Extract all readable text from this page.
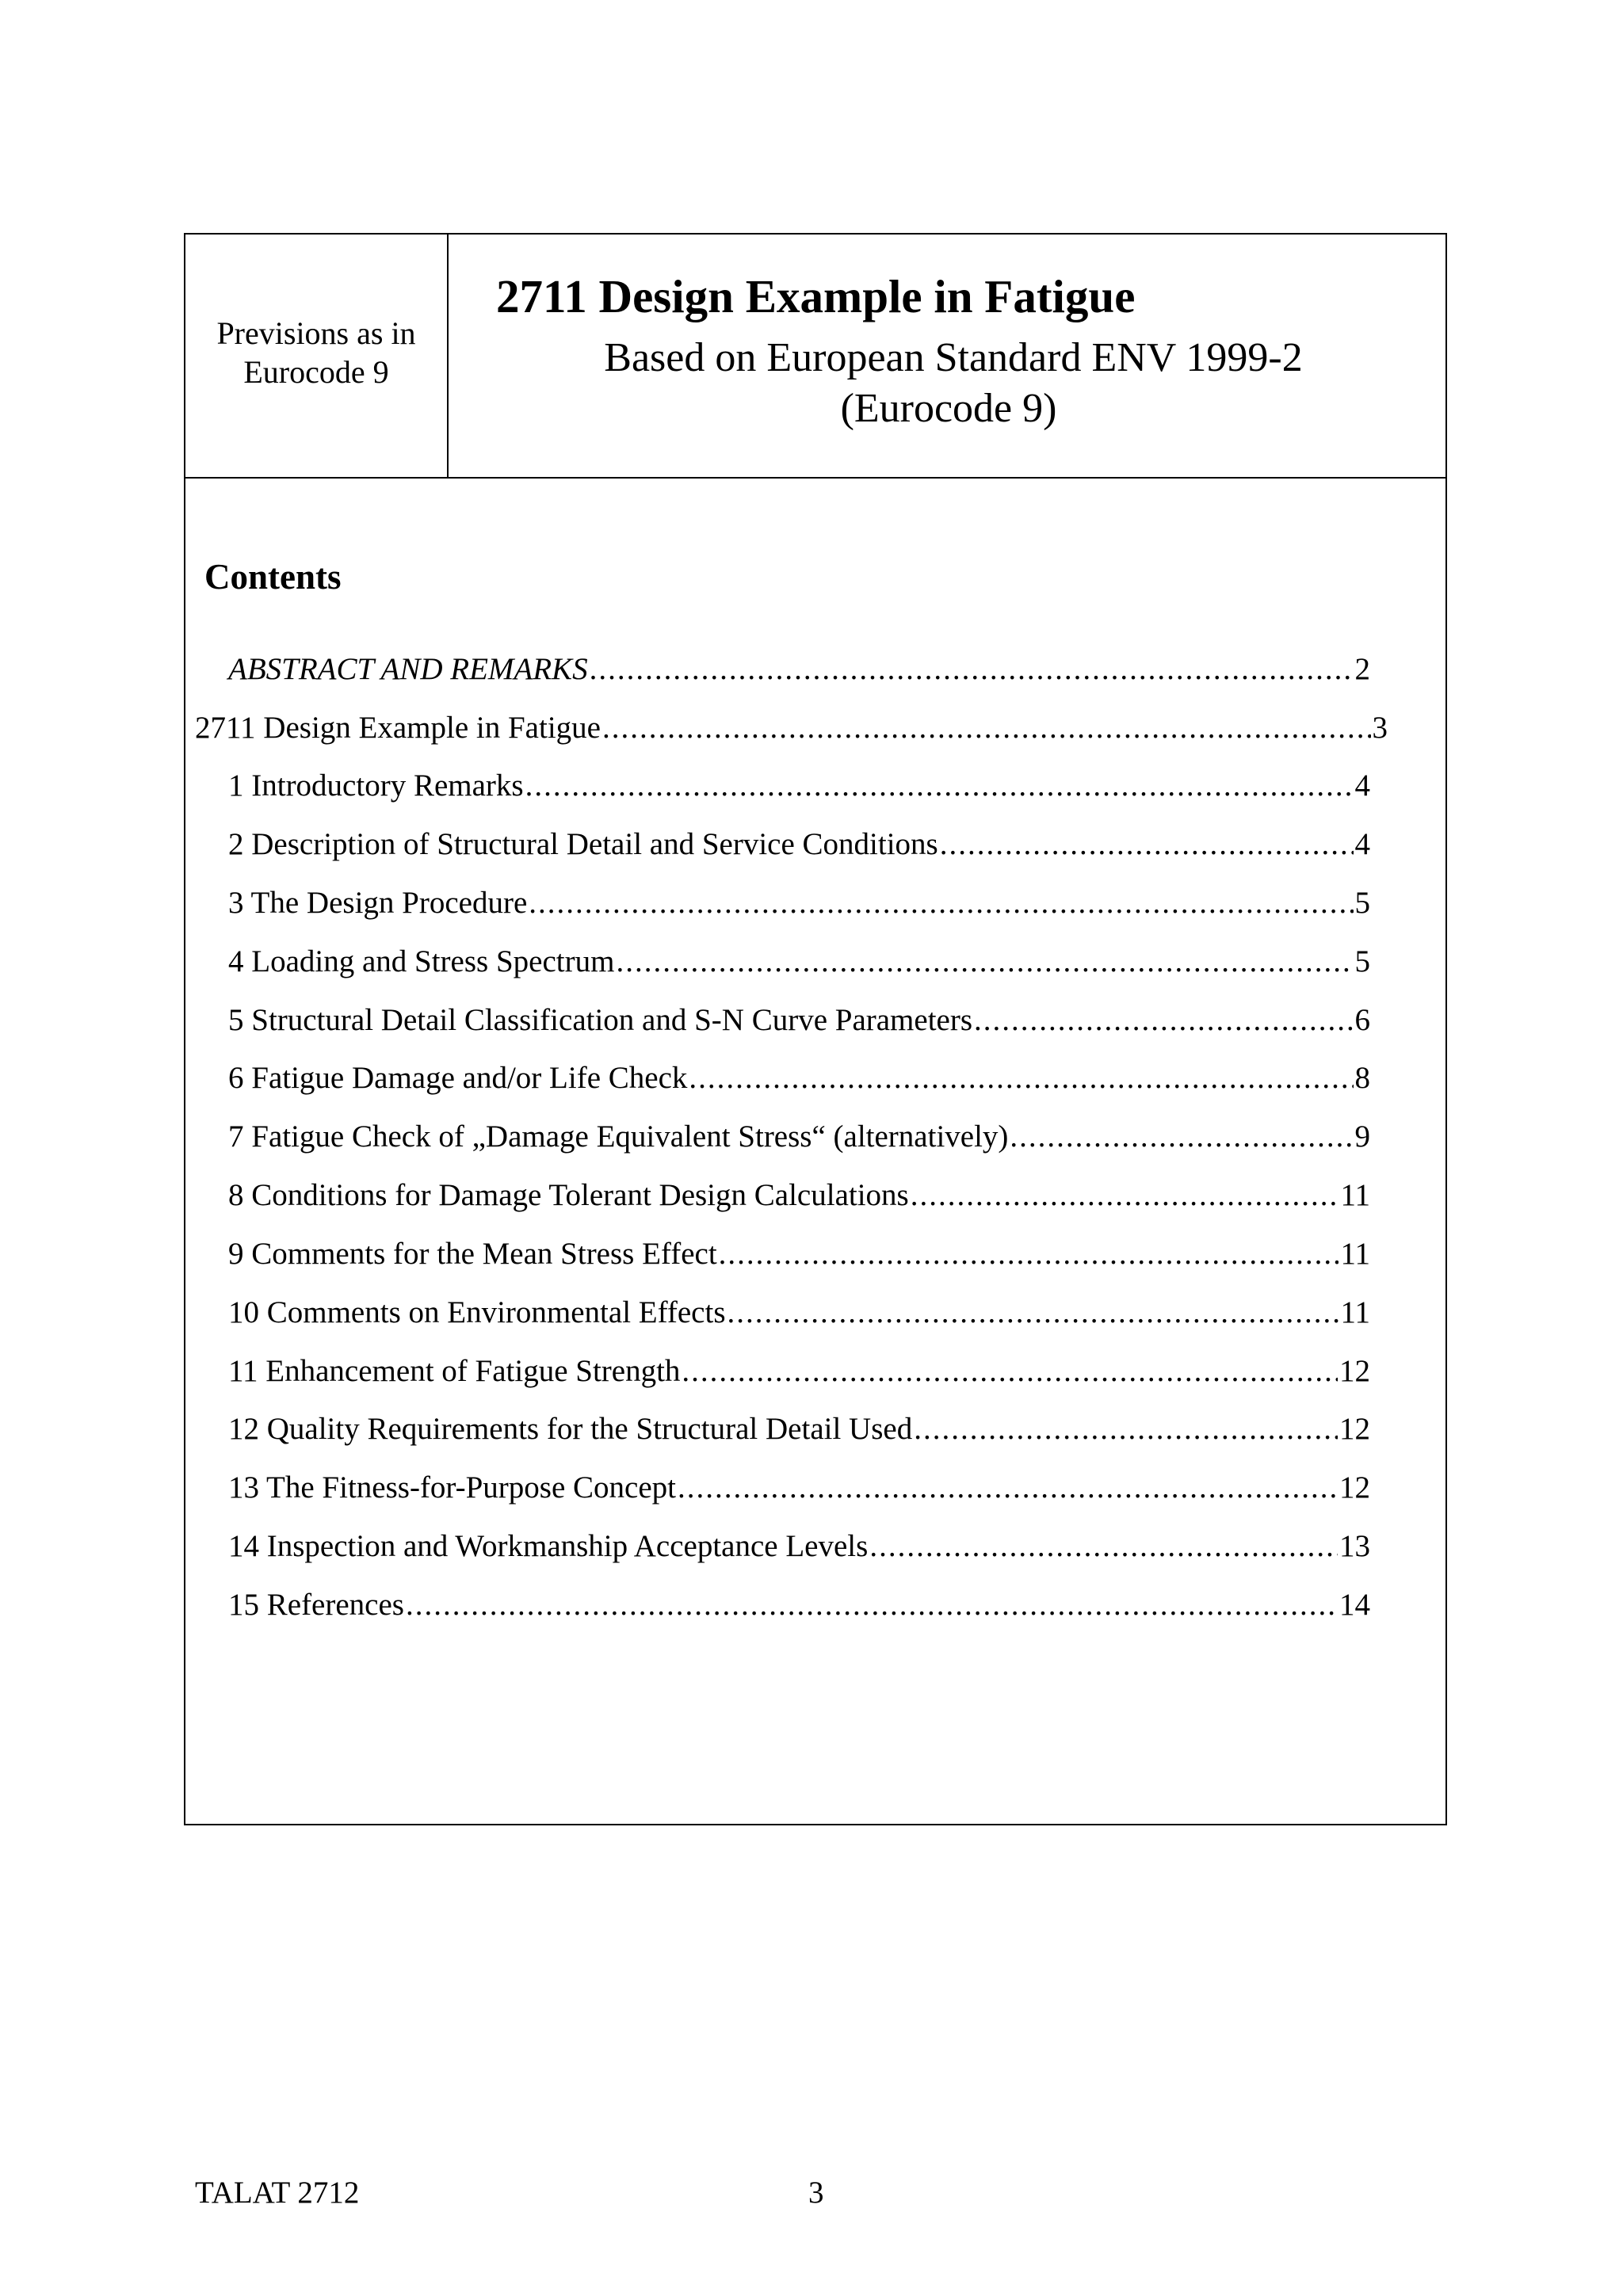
Previsions as in
Eurocode 9
2711 Design Example in Fatigue
Based on European Standard ENV 1999-2
(Eurocode 9)
Contents
ABSTRACT AND REMARKS .....	2
2711 Design Example in Fatigue .....	3
1 Introductory Remarks .....	4
2 Description of Structural Detail and Service Conditions .....	4
3 The Design Procedure .....	5
4 Loading and Stress Spectrum .....	5
5 Structural Detail Classification and S-N Curve Parameters .....	6
6 Fatigue Damage and/or Life Check .....	8
7 Fatigue Check of „Damage Equivalent Stress“ (alternatively) .....	9
8 Conditions for Damage Tolerant Design Calculations .....	11
9 Comments for the Mean Stress Effect .....	11
10 Comments on Environmental Effects .....	11
11 Enhancement of Fatigue Strength .....	12
12 Quality Requirements for the Structural Detail Used .....	12
13 The Fitness-for-Purpose Concept .....	12
14 Inspection and Workmanship Acceptance Levels .....	13
15 References .....	14
TALAT 2712	3
